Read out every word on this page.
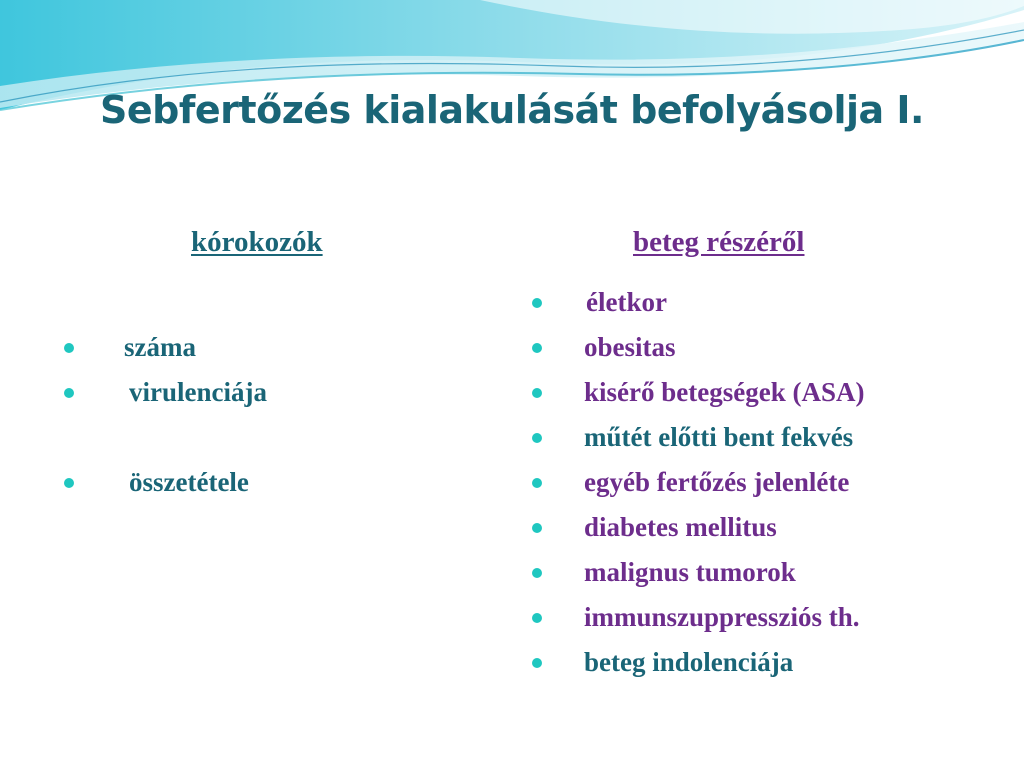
Sebfertőzés kialakulását befolyásolja I.
kórokozók	beteg részéről
száma
virulenciája
összetétele
életkor
obesitas
kisérő betegségek (ASA)
műtét előtti bent fekvés
egyéb fertőzés jelenléte
diabetes mellitus
malignus tumorok
immunszuppressziós th.
beteg indolenciája
